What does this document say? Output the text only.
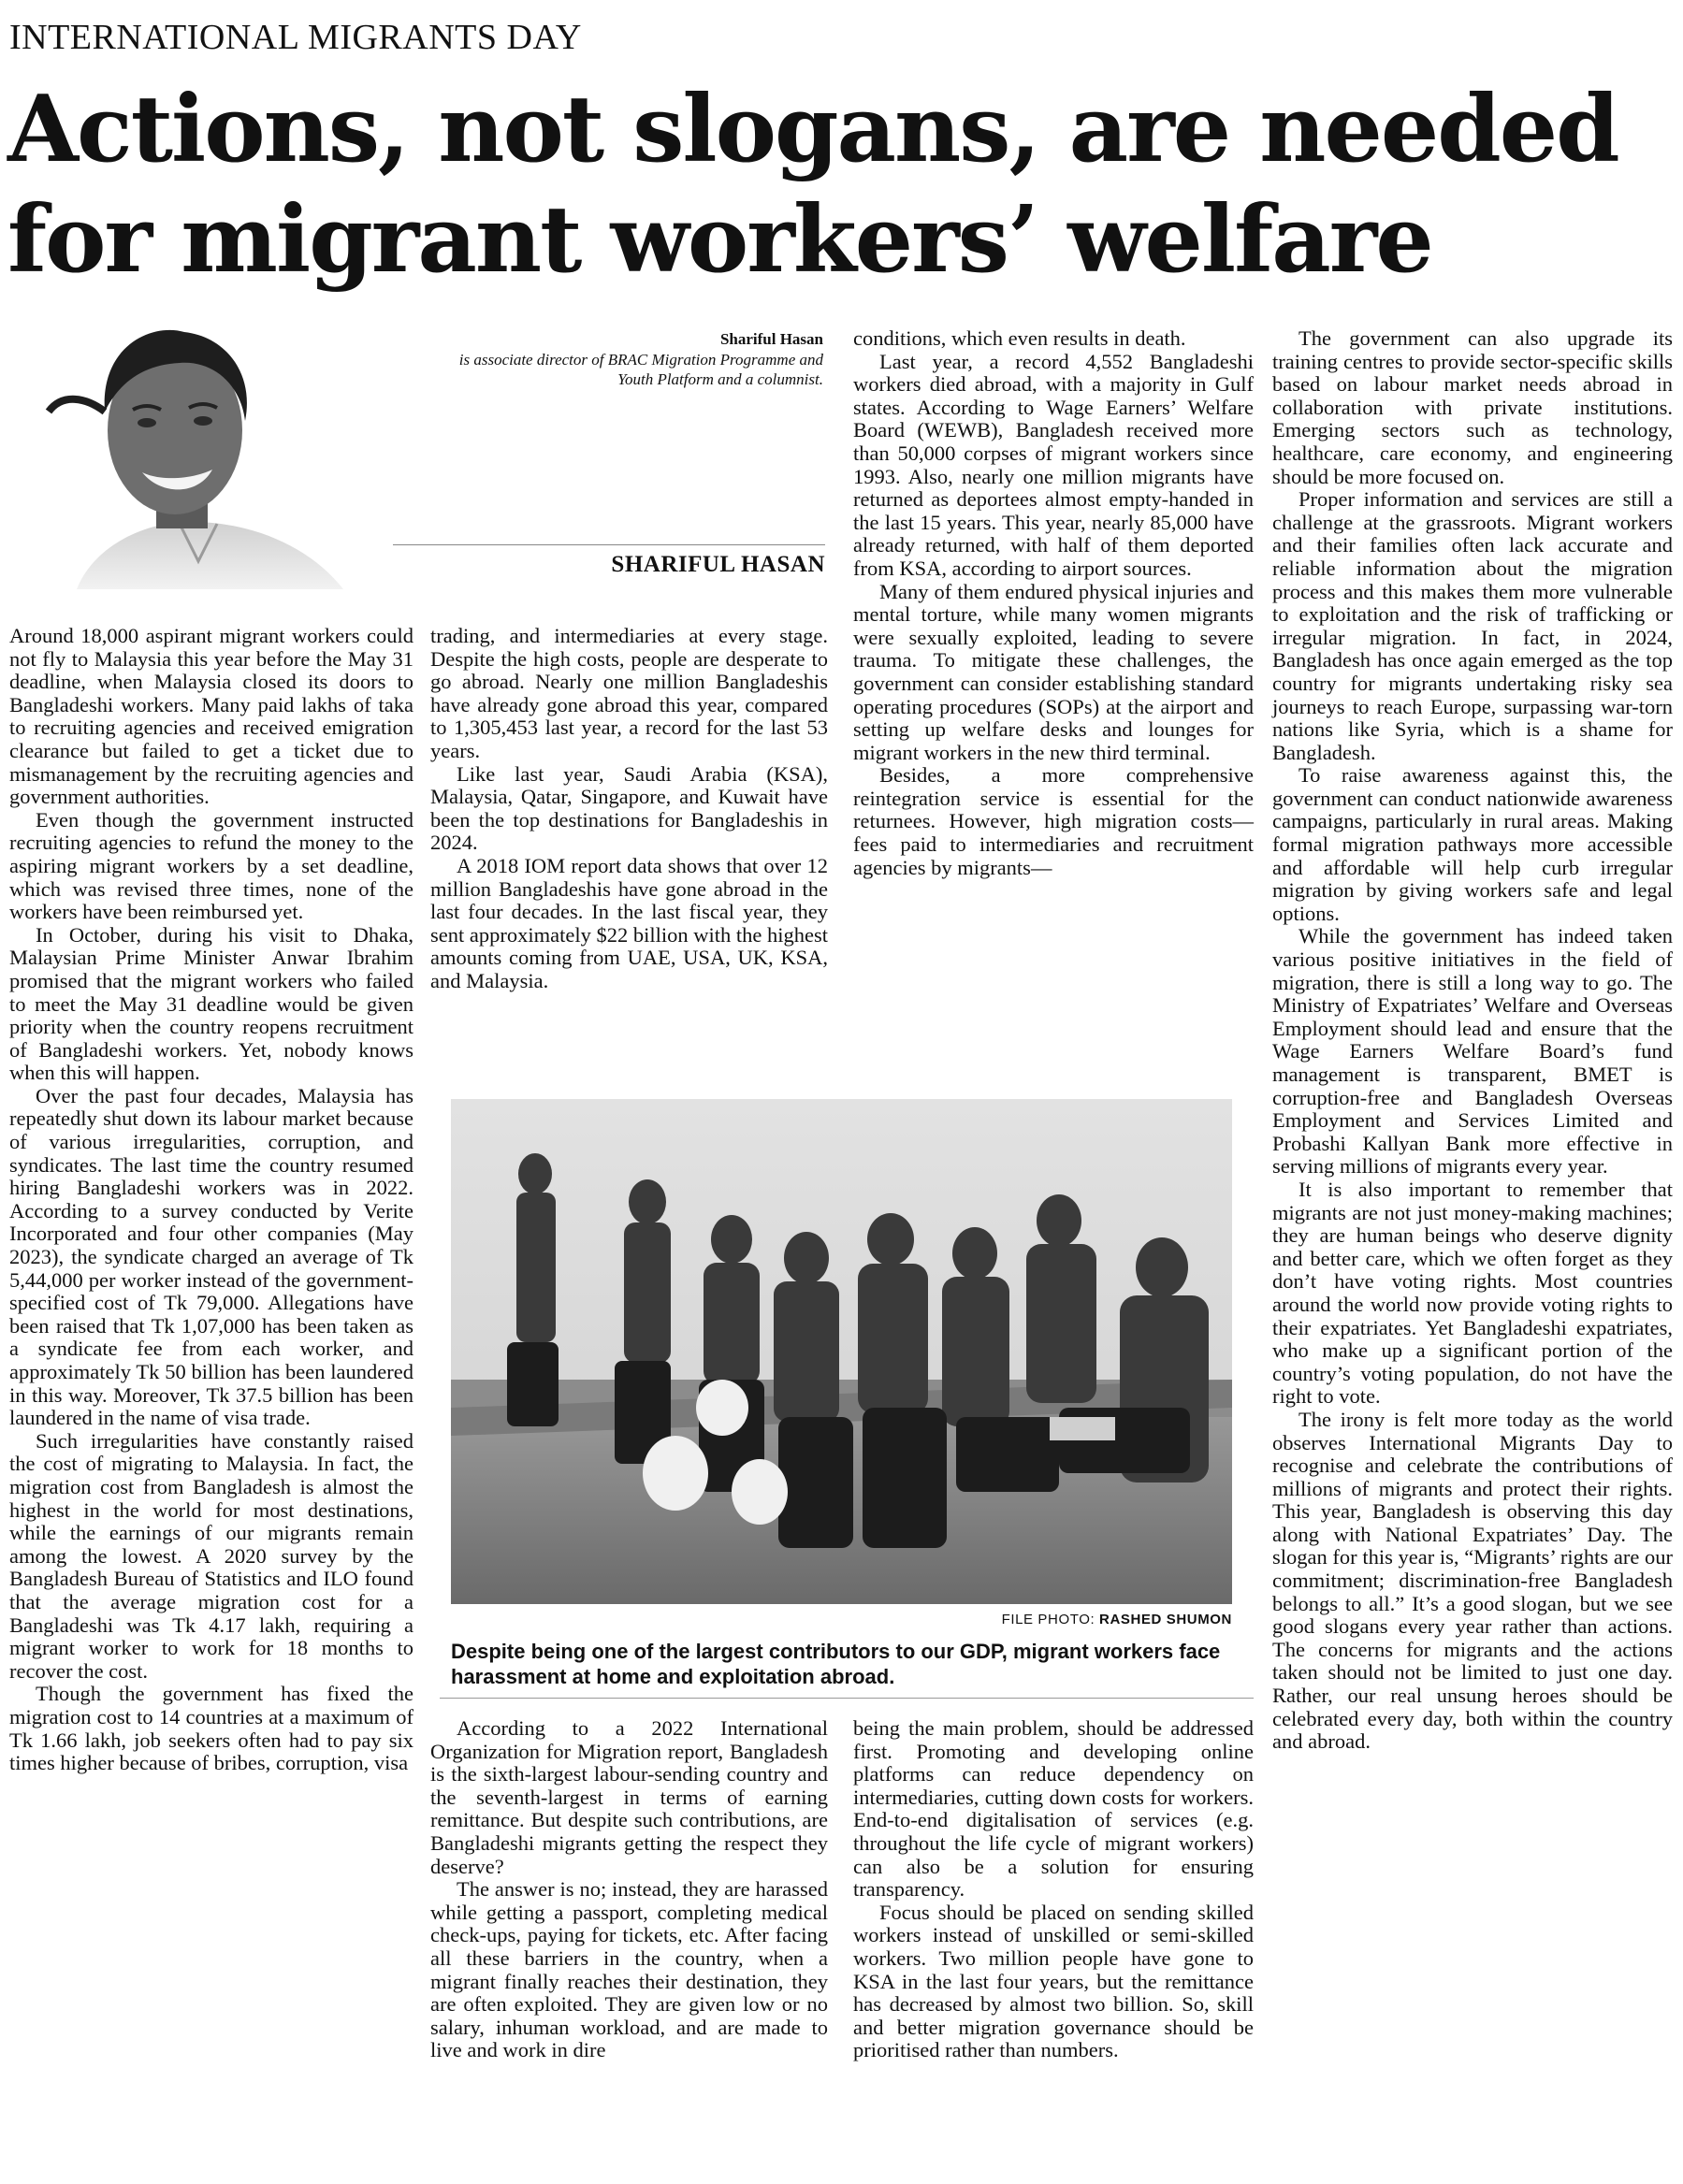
INTERNATIONAL MIGRANTS DAY
Actions, not slogans, are needed
for migrant workers’ welfare
Shariful Hasan
is associate director of BRAC Migration Programme and Youth Platform and a columnist.
SHARIFUL HASAN

Around 18,000 aspirant migrant workers could not fly to Malaysia this year before the May 31 deadline, when Malaysia closed its doors to Bangladeshi workers. Many paid lakhs of taka to recruiting agencies and received emigration clearance but failed to get a ticket due to mismanagement by the recruiting agencies and government authorities.

Even though the government instructed recruiting agencies to refund the money to the aspiring migrant workers by a set deadline, which was revised three times, none of the workers have been reimbursed yet.

In October, during his visit to Dhaka, Malaysian Prime Minister Anwar Ibrahim promised that the migrant workers who failed to meet the May 31 deadline would be given priority when the country reopens recruitment of Bangladeshi workers. Yet, nobody knows when this will happen.

Over the past four decades, Malaysia has repeatedly shut down its labour market because of various irregularities, corruption, and syndicates. The last time the country resumed hiring Bangladeshi workers was in 2022. According to a survey conducted by Verite Incorporated and four other companies (May 2023), the syndicate charged an average of Tk 5,44,000 per worker instead of the government-specified cost of Tk 79,000. Allegations have been raised that Tk 1,07,000 has been taken as a syndicate fee from each worker, and approximately Tk 50 billion has been laundered in this way. Moreover, Tk 37.5 billion has been laundered in the name of visa trade.

Such irregularities have constantly raised the cost of migrating to Malaysia. In fact, the migration cost from Bangladesh is almost the highest in the world for most destinations, while the earnings of our migrants remain among the lowest. A 2020 survey by the Bangladesh Bureau of Statistics and ILO found that the average migration cost for a Bangladeshi was Tk 4.17 lakh, requiring a migrant worker to work for 18 months to recover the cost.

Though the government has fixed the migration cost to 14 countries at a maximum of Tk 1.66 lakh, job seekers often had to pay six times higher because of bribes, corruption, visa

trading, and intermediaries at every stage. Despite the high costs, people are desperate to go abroad. Nearly one million Bangladeshis have already gone abroad this year, compared to 1,305,453 last year, a record for the last 53 years.

Like last year, Saudi Arabia (KSA), Malaysia, Qatar, Singapore, and Kuwait have been the top destinations for Bangladeshis in 2024.

A 2018 IOM report data shows that over 12 million Bangladeshis have gone abroad in the last four decades. In the last fiscal year, they sent approximately $22 billion with the highest amounts coming from UAE, USA, UK, KSA, and Malaysia.

conditions, which even results in death.

Last year, a record 4,552 Bangladeshi workers died abroad, with a majority in Gulf states. According to Wage Earners’ Welfare Board (WEWB), Bangladesh received more than 50,000 corpses of migrant workers since 1993. Also, nearly one million migrants have returned as deportees almost empty-handed in the last 15 years. This year, nearly 85,000 have already returned, with half of them deported from KSA, according to airport sources.

Many of them endured physical injuries and mental torture, while many women migrants were sexually exploited, leading to severe trauma. To mitigate these challenges, the government can consider establishing standard operating procedures (SOPs) at the airport and setting up welfare desks and lounges for migrant workers in the new third terminal.

Besides, a more comprehensive reintegration service is essential for the returnees. However, high migration costs—fees paid to intermediaries and recruitment agencies by migrants—

The government can also upgrade its training centres to provide sector-specific skills based on labour market needs abroad in collaboration with private institutions. Emerging sectors such as technology, healthcare, care economy, and engineering should be more focused on.

Proper information and services are still a challenge at the grassroots. Migrant workers and their families often lack accurate and reliable information about the migration process and this makes them more vulnerable to exploitation and the risk of trafficking or irregular migration. In fact, in 2024, Bangladesh has once again emerged as the top country for migrants undertaking risky sea journeys to reach Europe, surpassing war-torn nations like Syria, which is a shame for Bangladesh.

To raise awareness against this, the government can conduct nationwide awareness campaigns, particularly in rural areas. Making formal migration pathways more accessible and affordable will help curb irregular migration by giving workers safe and legal options.

While the government has indeed taken various positive initiatives in the field of migration, there is still a long way to go. The Ministry of Expatriates’ Welfare and Overseas Employment should lead and ensure that the Wage Earners Welfare Board’s fund management is transparent, BMET is corruption-free and Bangladesh Overseas Employment and Services Limited and Probashi Kallyan Bank more effective in serving millions of migrants every year.

It is also important to remember that migrants are not just money-making machines; they are human beings who deserve dignity and better care, which we often forget as they don’t have voting rights. Most countries around the world now provide voting rights to their expatriates. Yet Bangladeshi expatriates, who make up a significant portion of the country’s voting population, do not have the right to vote.

The irony is felt more today as the world observes International Migrants Day to recognise and celebrate the contributions of millions of migrants and protect their rights. This year, Bangladesh is observing this day along with National Expatriates’ Day. The slogan for this year is, “Migrants’ rights are our commitment; discrimination-free Bangladesh belongs to all.” It’s a good slogan, but we see good slogans every year rather than actions. The concerns for migrants and the actions taken should not be limited to just one day. Rather, our real unsung heroes should be celebrated every day, both within the country and abroad.

FILE PHOTO: RASHED SHUMON
Despite being one of the largest contributors to our GDP, migrant workers face harassment at home and exploitation abroad.

According to a 2022 International Organization for Migration report, Bangladesh is the sixth-largest labour-sending country and the seventh-largest in terms of earning remittance. But despite such contributions, are Bangladeshi migrants getting the respect they deserve?

The answer is no; instead, they are harassed while getting a passport, completing medical check-ups, paying for tickets, etc. After facing all these barriers in the country, when a migrant finally reaches their destination, they are often exploited. They are given low or no salary, inhuman workload, and are made to live and work in dire

being the main problem, should be addressed first. Promoting and developing online platforms can reduce dependency on intermediaries, cutting down costs for workers. End-to-end digitalisation of services (e.g. throughout the life cycle of migrant workers) can also be a solution for ensuring transparency.

Focus should be placed on sending skilled workers instead of unskilled or semi-skilled workers. Two million people have gone to KSA in the last four years, but the remittance has decreased by almost two billion. So, skill and better migration governance should be prioritised rather than numbers.
